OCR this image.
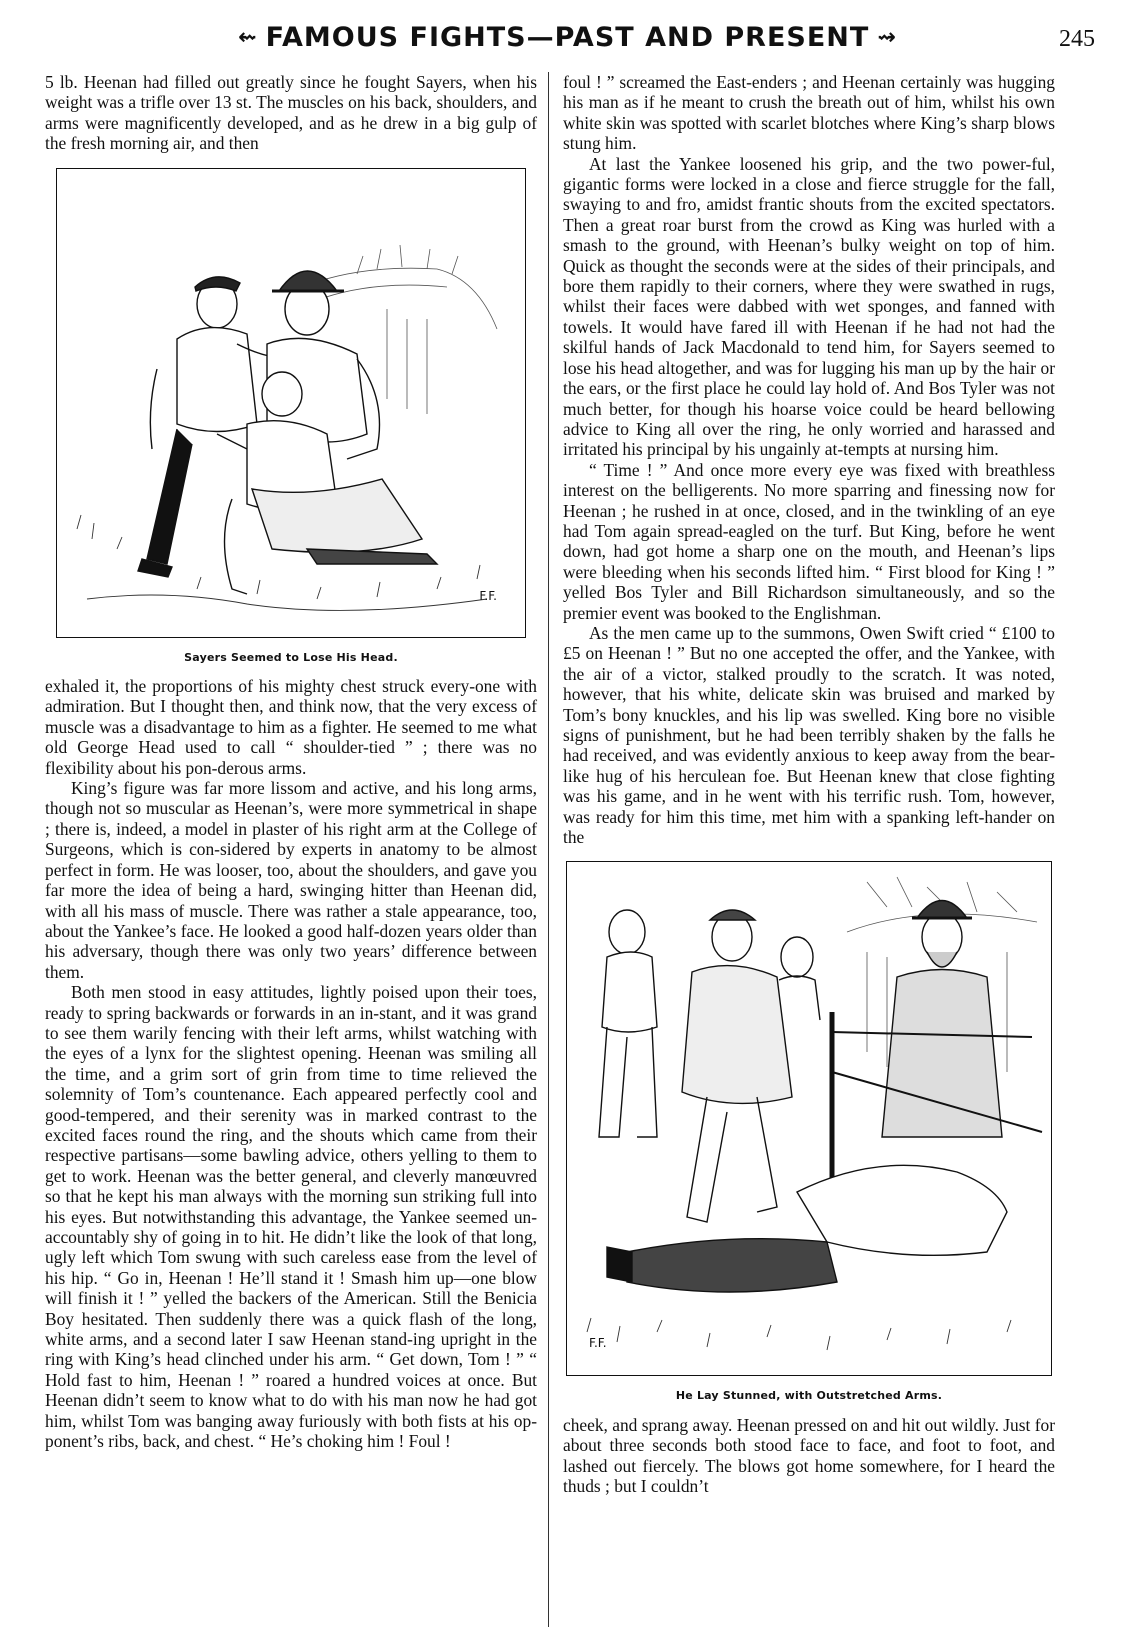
⇜ FAMOUS FIGHTS—PAST AND PRESENT ⇝	245

5 lb. Heenan had filled out greatly since he fought Sayers, when his weight was a trifle over 13 st. The muscles on his back, shoulders, and arms were magnificently developed, and as he drew in a big gulp of the fresh morning air, and then

F.F.
Sayers Seemed to Lose His Head.

exhaled it, the proportions of his mighty chest struck every-one with admiration. But I thought then, and think now, that the very excess of muscle was a disadvantage to him as a fighter. He seemed to me what old George Head used to call “ shoulder-tied ” ; there was no flexibility about his pon-derous arms.

King’s figure was far more lissom and active, and his long arms, though not so muscular as Heenan’s, were more symmetrical in shape ; there is, indeed, a model in plaster of his right arm at the College of Surgeons, which is con-sidered by experts in anatomy to be almost perfect in form. He was looser, too, about the shoulders, and gave you far more the idea of being a hard, swinging hitter than Heenan did, with all his mass of muscle. There was rather a stale appearance, too, about the Yankee’s face. He looked a good half-dozen years older than his adversary, though there was only two years’ difference between them.

Both men stood in easy attitudes, lightly poised upon their toes, ready to spring backwards or forwards in an in-stant, and it was grand to see them warily fencing with their left arms, whilst watching with the eyes of a lynx for the slightest opening. Heenan was smiling all the time, and a grim sort of grin from time to time relieved the solemnity of Tom’s countenance. Each appeared perfectly cool and good-tempered, and their serenity was in marked contrast to the excited faces round the ring, and the shouts which came from their respective partisans—some bawling advice, others yelling to them to get to work. Heenan was the better general, and cleverly manœuvred so that he kept his man always with the morning sun striking full into his eyes. But notwithstanding this advantage, the Yankee seemed un-accountably shy of going in to hit. He didn’t like the look of that long, ugly left which Tom swung with such careless ease from the level of his hip. “ Go in, Heenan ! He’ll stand it ! Smash him up—one blow will finish it ! ” yelled the backers of the American. Still the Benicia Boy hesitated. Then suddenly there was a quick flash of the long, white arms, and a second later I saw Heenan stand-ing upright in the ring with King’s head clinched under his arm. “ Get down, Tom ! ” “ Hold fast to him, Heenan ! ” roared a hundred voices at once. But Heenan didn’t seem to know what to do with his man now he had got him, whilst Tom was banging away furiously with both fists at his op-ponent’s ribs, back, and chest. “ He’s choking him ! Foul !

foul ! ” screamed the East-enders ; and Heenan certainly was hugging his man as if he meant to crush the breath out of him, whilst his own white skin was spotted with scarlet blotches where King’s sharp blows stung him.

At last the Yankee loosened his grip, and the two power-ful, gigantic forms were locked in a close and fierce struggle for the fall, swaying to and fro, amidst frantic shouts from the excited spectators. Then a great roar burst from the crowd as King was hurled with a smash to the ground, with Heenan’s bulky weight on top of him. Quick as thought the seconds were at the sides of their principals, and bore them rapidly to their corners, where they were swathed in rugs, whilst their faces were dabbed with wet sponges, and fanned with towels. It would have fared ill with Heenan if he had not had the skilful hands of Jack Macdonald to tend him, for Sayers seemed to lose his head altogether, and was for lugging his man up by the hair or the ears, or the first place he could lay hold of. And Bos Tyler was not much better, for though his hoarse voice could be heard bellowing advice to King all over the ring, he only worried and harassed and irritated his principal by his ungainly at-tempts at nursing him.

“ Time ! ” And once more every eye was fixed with breathless interest on the belligerents. No more sparring and finessing now for Heenan ; he rushed in at once, closed, and in the twinkling of an eye had Tom again spread-eagled on the turf. But King, before he went down, had got home a sharp one on the mouth, and Heenan’s lips were bleeding when his seconds lifted him. “ First blood for King ! ” yelled Bos Tyler and Bill Richardson simultaneously, and so the premier event was booked to the Englishman.

As the men came up to the summons, Owen Swift cried “ £100 to £5 on Heenan ! ” But no one accepted the offer, and the Yankee, with the air of a victor, stalked proudly to the scratch. It was noted, however, that his white, delicate skin was bruised and marked by Tom’s bony knuckles, and his lip was swelled. King bore no visible signs of punishment, but he had been terribly shaken by the falls he had received, and was evidently anxious to keep away from the bear-like hug of his herculean foe. But Heenan knew that close fighting was his game, and in he went with his terrific rush. Tom, however, was ready for him this time, met him with a spanking left-hander on the

F.F.
He Lay Stunned, with Outstretched Arms.

cheek, and sprang away. Heenan pressed on and hit out wildly. Just for about three seconds both stood face to face, and foot to foot, and lashed out fiercely. The blows got home somewhere, for I heard the thuds ; but I couldn’t
